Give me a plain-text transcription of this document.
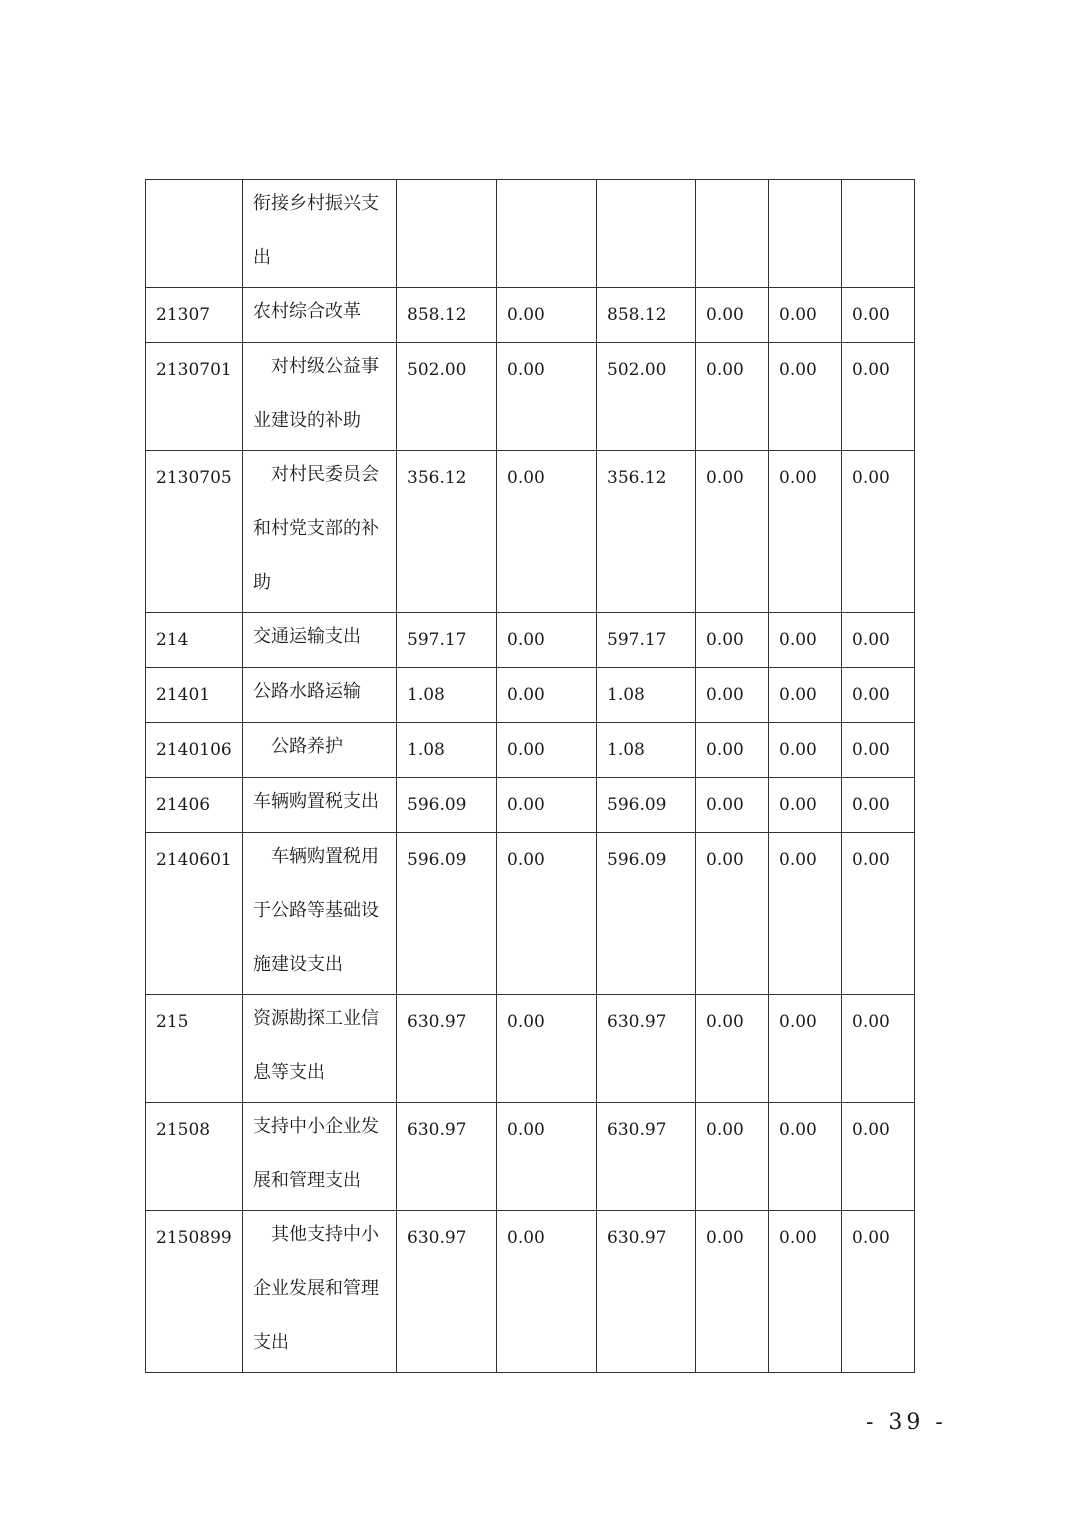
	衔接乡村振兴支出						

21307	农村综合改革	858.12	0.00	858.12	0.00	0.00	0.00
2130701	对村级公益事业建设的补助	502.00	0.00	502.00	0.00	0.00	0.00
2130705	对村民委员会和村党支部的补助	356.12	0.00	356.12	0.00	0.00	0.00
214	交通运输支出	597.17	0.00	597.17	0.00	0.00	0.00
21401	公路水路运输	1.08	0.00	1.08	0.00	0.00	0.00
2140106	公路养护	1.08	0.00	1.08	0.00	0.00	0.00
21406	车辆购置税支出	596.09	0.00	596.09	0.00	0.00	0.00
2140601	车辆购置税用于公路等基础设施建设支出	596.09	0.00	596.09	0.00	0.00	0.00
215	资源勘探工业信息等支出	630.97	0.00	630.97	0.00	0.00	0.00
21508	支持中小企业发展和管理支出	630.97	0.00	630.97	0.00	0.00	0.00
2150899	其他支持中小企业发展和管理支出	630.97	0.00	630.97	0.00	0.00	0.00
- 39 -
